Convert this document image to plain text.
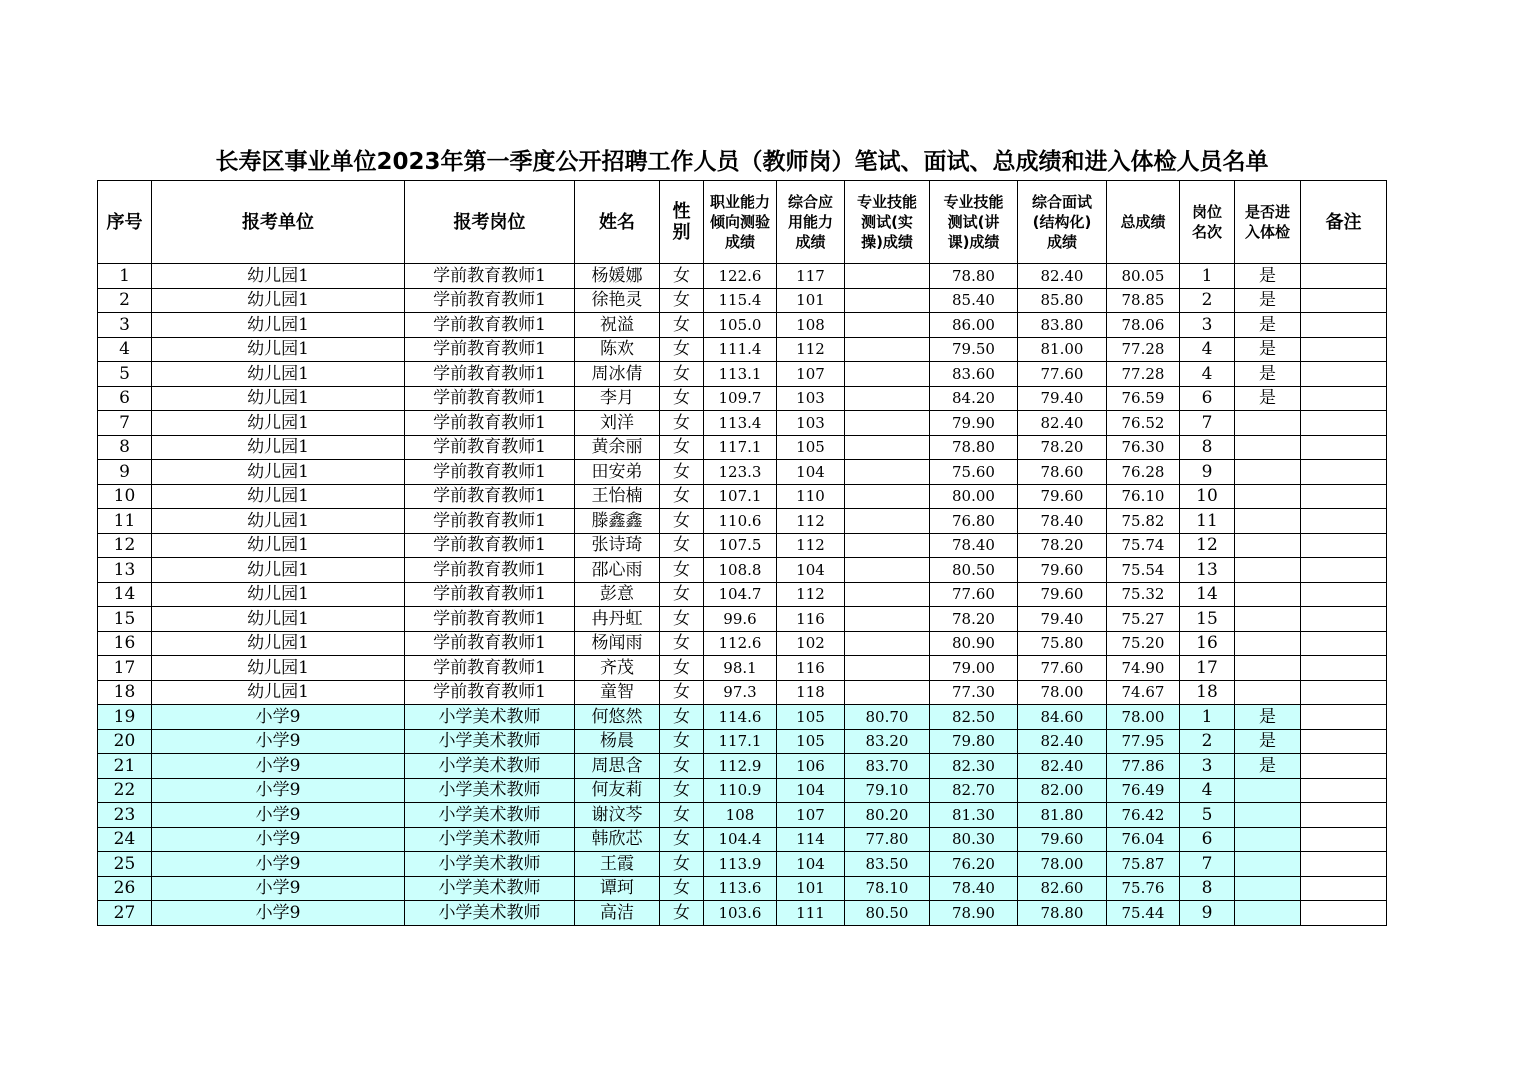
长寿区事业单位2023年第一季度公开招聘工作人员（教师岗）笔试、面试、总成绩和进入体检人员名单
序号	报考单位	报考岗位	姓名	性别	职业能力倾向测验成绩	综合应用能力成绩	专业技能测试(实操)成绩	专业技能测试(讲课)成绩	综合面试(结构化)成绩	总成绩	岗位名次	是否进入体检	备注
1	幼儿园1	学前教育教师1	杨媛娜	女	122.6	117		78.80	82.40	80.05	1	是	
2	幼儿园1	学前教育教师1	徐艳灵	女	115.4	101		85.40	85.80	78.85	2	是	
3	幼儿园1	学前教育教师1	祝溢	女	105.0	108		86.00	83.80	78.06	3	是	
4	幼儿园1	学前教育教师1	陈欢	女	111.4	112		79.50	81.00	77.28	4	是	
5	幼儿园1	学前教育教师1	周冰倩	女	113.1	107		83.60	77.60	77.28	4	是	
6	幼儿园1	学前教育教师1	李月	女	109.7	103		84.20	79.40	76.59	6	是	
7	幼儿园1	学前教育教师1	刘洋	女	113.4	103		79.90	82.40	76.52	7		
8	幼儿园1	学前教育教师1	黄余丽	女	117.1	105		78.80	78.20	76.30	8		
9	幼儿园1	学前教育教师1	田安弟	女	123.3	104		75.60	78.60	76.28	9		
10	幼儿园1	学前教育教师1	王怡楠	女	107.1	110		80.00	79.60	76.10	10		
11	幼儿园1	学前教育教师1	滕鑫鑫	女	110.6	112		76.80	78.40	75.82	11		
12	幼儿园1	学前教育教师1	张诗琦	女	107.5	112		78.40	78.20	75.74	12		
13	幼儿园1	学前教育教师1	邵心雨	女	108.8	104		80.50	79.60	75.54	13		
14	幼儿园1	学前教育教师1	彭意	女	104.7	112		77.60	79.60	75.32	14		
15	幼儿园1	学前教育教师1	冉丹虹	女	99.6	116		78.20	79.40	75.27	15		
16	幼儿园1	学前教育教师1	杨闻雨	女	112.6	102		80.90	75.80	75.20	16		
17	幼儿园1	学前教育教师1	齐茂	女	98.1	116		79.00	77.60	74.90	17		
18	幼儿园1	学前教育教师1	童智	女	97.3	118		77.30	78.00	74.67	18		
19	小学9	小学美术教师	何悠然	女	114.6	105	80.70	82.50	84.60	78.00	1	是	
20	小学9	小学美术教师	杨晨	女	117.1	105	83.20	79.80	82.40	77.95	2	是	
21	小学9	小学美术教师	周思含	女	112.9	106	83.70	82.30	82.40	77.86	3	是	
22	小学9	小学美术教师	何友莉	女	110.9	104	79.10	82.70	82.00	76.49	4		
23	小学9	小学美术教师	谢汶芩	女	108	107	80.20	81.30	81.80	76.42	5		
24	小学9	小学美术教师	韩欣芯	女	104.4	114	77.80	80.30	79.60	76.04	6		
25	小学9	小学美术教师	王霞	女	113.9	104	83.50	76.20	78.00	75.87	7		
26	小学9	小学美术教师	谭珂	女	113.6	101	78.10	78.40	82.60	75.76	8		
27	小学9	小学美术教师	高洁	女	103.6	111	80.50	78.90	78.80	75.44	9		
